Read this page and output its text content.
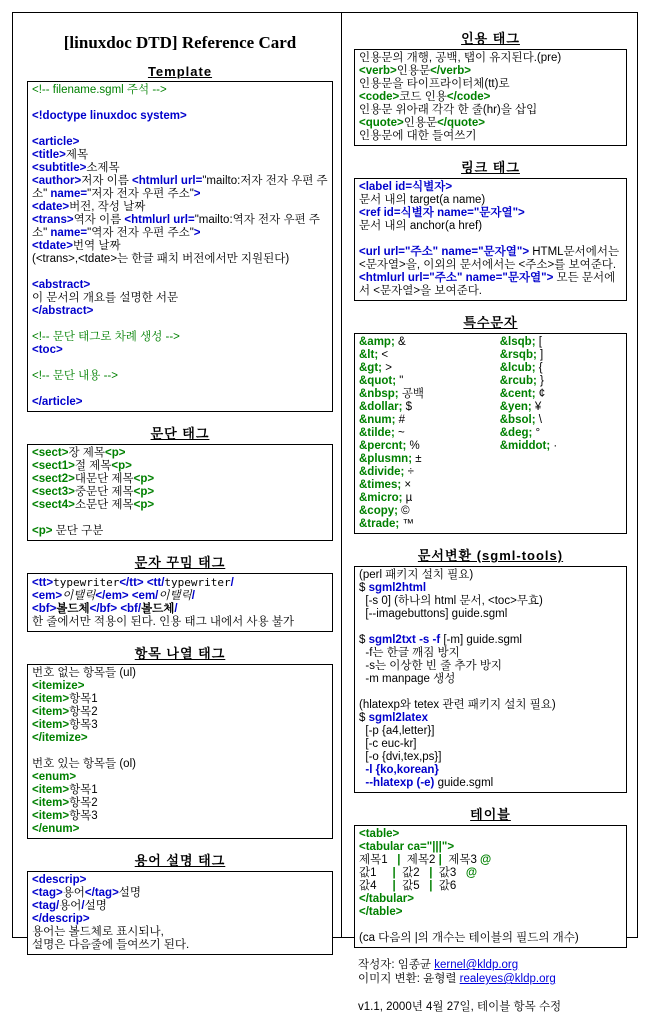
[linuxdoc DTD] Reference Card
Template
<!-- filename.sgml 주석 -->

<!doctype linuxdoc system>

<article>
<title>제목
<subtitle>소제목
<author>저자 이름 <htmlurl url="mailto:저자 전자 우편 주소" name="저자 전자 우편 주소">
<date>버전, 작성 날짜
<trans>역자 이름 <htmlurl url="mailto:역자 전자 우편 주소" name="역자 전자 우편 주소">
<tdate>번역 날짜
(<trans>,<tdate>는 한글 패치 버전에서만 지원된다)

<abstract>
이 문서의 개요를 설명한 서문
</abstract>

<!-- 문단 태그로 차례 생성 -->
<toc>

<!-- 문단 내용 -->

</article>
문단 태그
<sect>장 제목<p>
<sect1>절 제목<p>
<sect2>대문단 제목<p>
<sect3>중문단 제목<p>
<sect4>소문단 제목<p>

<p> 문단 구분
문자 꾸밈 태그
<tt>typewriter</tt> <tt/typewriter/
<em>이탤릭</em> <em/이탤릭/
<bf>볼드체</bf> <bf/볼드체/
한 줄에서만 적용이 된다. 인용 태그 내에서 사용 불가
항목 나열 태그
번호 없는 항목들 (ul)
<itemize>
<item>항목1
<item>항목2
<item>항목3
</itemize>

번호 있는 항목들 (ol)
<enum>
<item>항목1
<item>항목2
<item>항목3
</enum>
용어 설명 태그
<descrip>
<tag>용어</tag>설명
<tag/용어/설명
</descrip>
용어는 볼드체로 표시되나,
설명은 다음줄에 들여쓰기 된다.
인용 태그
인용문의 개행, 공백, 탭이 유지된다.(pre)
<verb>인용문</verb>
인용문을 타이프라이터체(tt)로
<code>코드 인용</code>
인용문 위아래 각각 한 줄(hr)을 삽입
<quote>인용문</quote>
인용문에 대한 들여쓰기
링크 태그
<label id=식별자>
문서 내의 target(a name)
<ref id=식별자 name="문자열">
문서 내의 anchor(a href)

<url url="주소" name="문자열"> HTML문서에서는 <문자열>을, 이외의 문서에서는 <주소>를 보여준다.
<htmlurl url="주소" name="문자열"> 모든 문서에서 <문자열>을 보여준다.
특수문자
&amp; &
&lt; <
&gt; >
&quot; "
&nbsp; 공백
&dollar; $
&num; #
&tilde; ~
&percnt; %
&plusmn; ±
&divide; ÷
&times; ×
&micro; µ
&copy; ©
&trade; ™
&lsqb; [
&rsqb; ]
&lcub; {
&rcub; }
&cent; ¢
&yen; ¥
&bsol; \
&deg; °
&middot; ·
문서변환 (sgml-tools)
(perl 패키지 설치 필요)
$ sgml2html
[-s 0] (하나의 html 문서, <toc>무효)
[--imagebuttons] guide.sgml

$ sgml2txt -s -f [-m] guide.sgml
-f는 한글 깨짐 방지
-s는 이상한 빈 줄 추가 방지
-m manpage 생성

(hlatexp와 tetex 관련 패키지 설치 필요)
$ sgml2latex
[-p {a4,letter}]
[-c euc-kr]
[-o {dvi,tex,ps}]
-l {ko,korean}
--hlatexp (-e) guide.sgml
테이블
<table>
<tabular ca="|||">
제목1   |  제목2 |  제목3 @
값1     |  값2   |  값3   @
값4     |  값5   |  값6
</tabular>
</table>

(ca 다음의 |의 개수는 테이블의 필드의 개수)
작성자: 임종균 kernel@kldp.org
이미지 변환: 윤형렬 realeyes@kldp.org

v1.1, 2000년 4월 27일, 테이블 항목 수정
